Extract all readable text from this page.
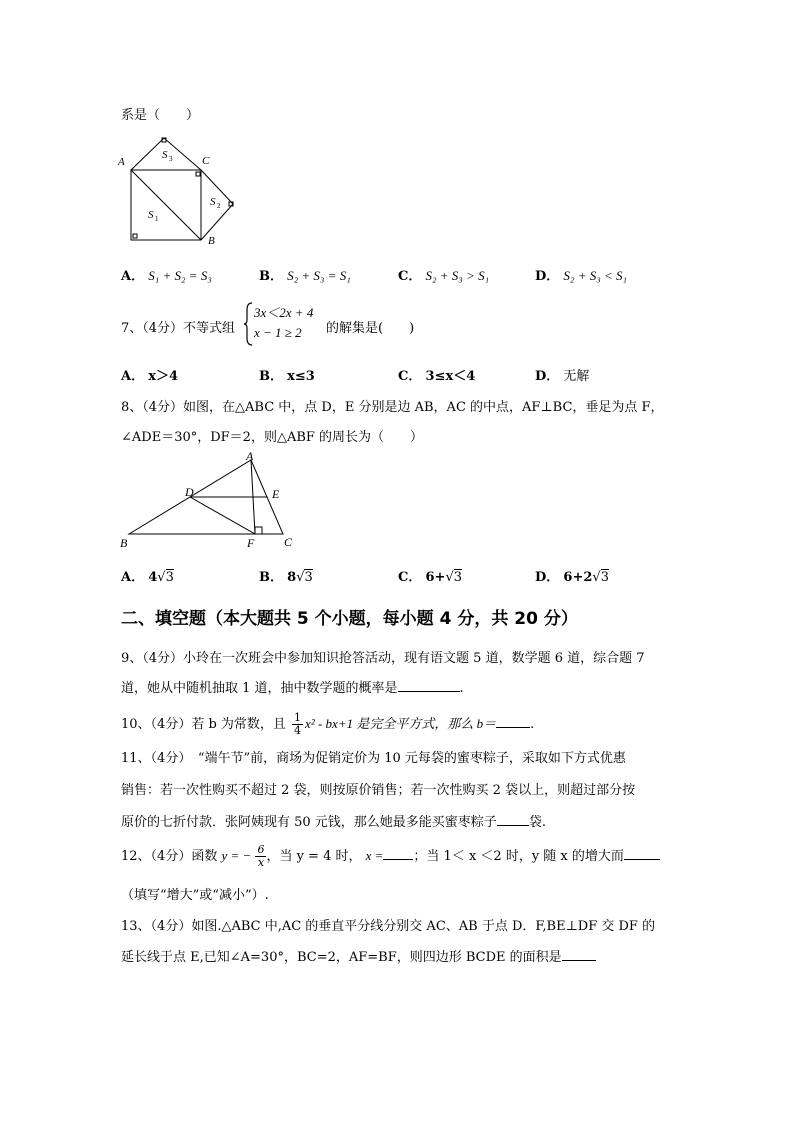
系是（　　）
A	C
B
S 3
S 1
S 2
A． S₁ + S₂ = S₃	B． S₂ + S₃ = S₁	C． S₂ + S₃ > S₁	D． S₂ + S₃ < S₁
7、（4分）不等式组
3x＜2x + 4
x − 1 ≥ 2 的解集是(　　)
A． x＞4	B． x≤3	C． 3≤x＜4	D． 无解
8、（4分）如图，在△ABC 中，点 D，E 分别是边 AB，AC 的中点，AF⊥BC，垂足为点 F，
∠ADE＝30°，DF＝2，则△ABF 的周长为（　　）
A
B	C
D	E
F
A． 4√3	B． 8√3	C． 6+√3	D． 6+2√3
二、填空题（本大题共 5 个小题，每小题 4 分，共 20 分）
9、（4分）小玲在一次班会中参加知识抢答活动，现有语文题 5 道，数学题 6 道，综合题 7
道，她从中随机抽取 1 道，抽中数学题的概率是	.
10、（4分）若 b 为常数，且 $\frac{1}{4} x^2 - bx+1$ 是完全平方式，那么 b＝	.
11、（4分）　“端午节”前，商场为促销定价为 10 元每袋的蜜枣粽子，采取如下方式优惠
销售：若一次性购买不超过 2 袋，则按原价销售；若一次性购买 2 袋以上，则超过部分按
原价的七折付款．张阿姨现有 50 元钱，那么她最多能买蜜枣粽子 袋.
12、（4分）函数 y = − $\frac{6}{x}$ ，当 y = 4 时， x = ；当 1＜ x ＜2 时，y 随 x 的增大而
（填写“增大”或“减小”）.
13、（4分）如图.△ABC 中,AC 的垂直平分线分别交 AC、AB 于点 D．F,BE⊥DF 交 DF 的
延长线于点 E,已知∠A=30°，BC=2，AF=BF，则四边形 BCDE 的面积是
